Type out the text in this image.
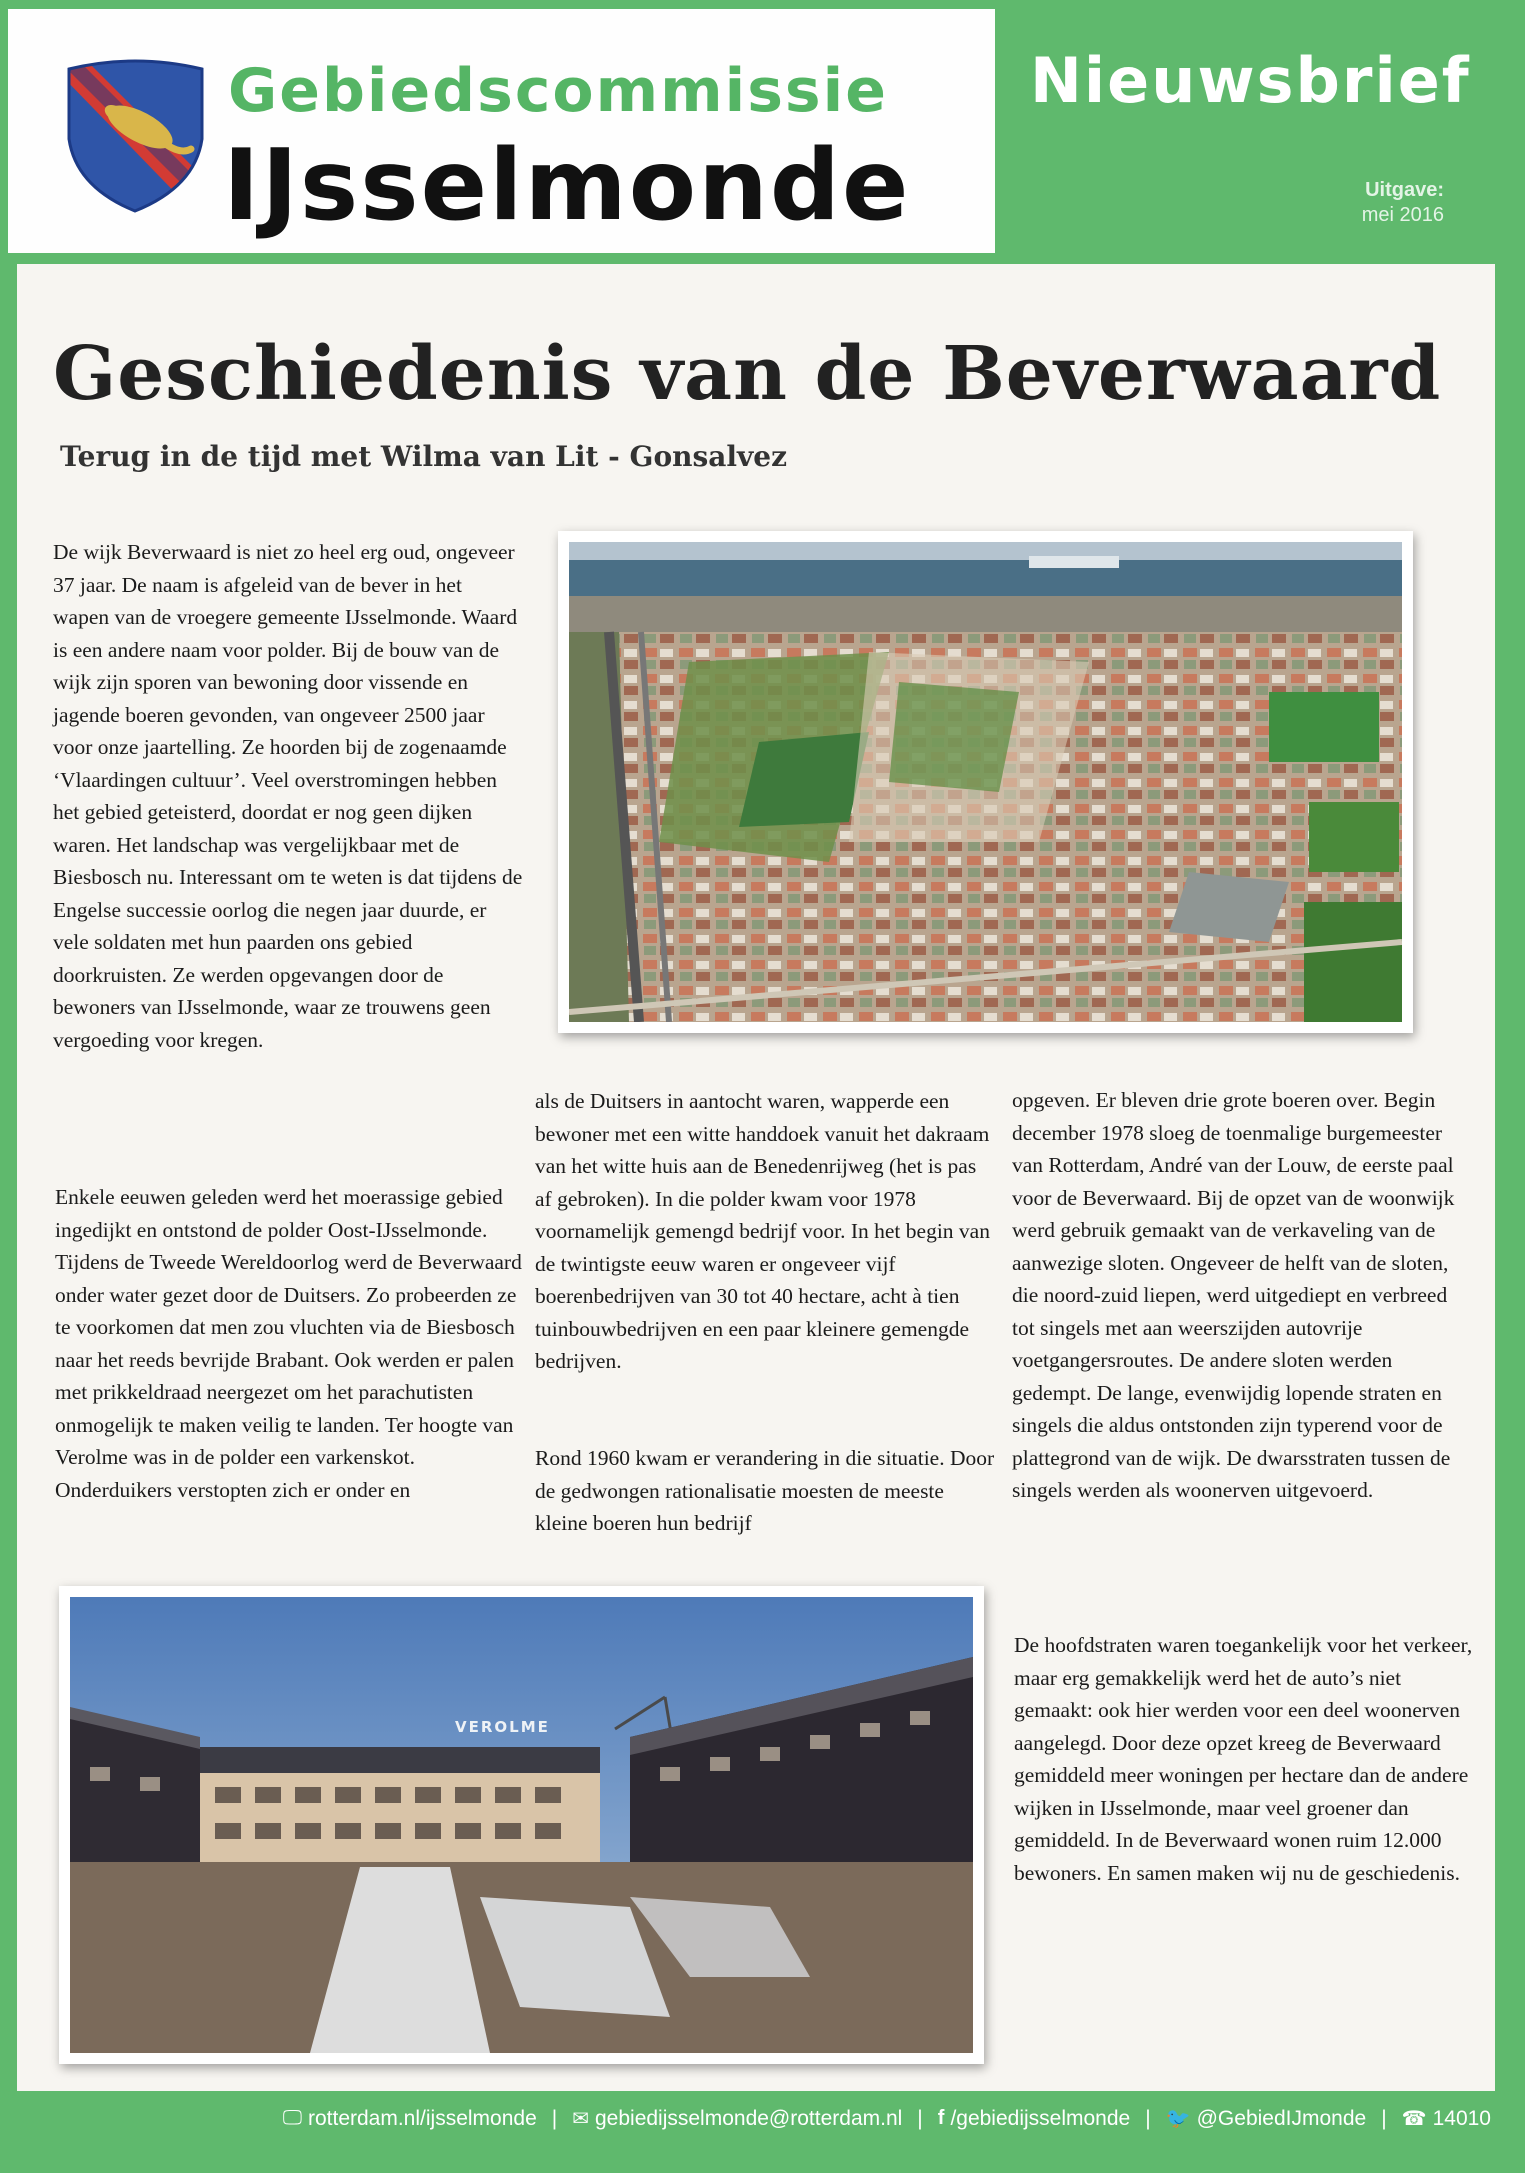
Gebiedscommissie
IJsselmonde
Nieuwsbrief
Uitgave:
mei 2016
Geschiedenis van de Beverwaard
Terug in de tijd met Wilma van Lit - Gonsalvez

De wijk Beverwaard is niet zo heel erg oud, ongeveer 37 jaar. De naam is afgeleid van de bever in het wapen van de vroegere gemeente IJsselmonde. Waard is een andere naam voor polder. Bij de bouw van de wijk zijn sporen van bewoning door vissende en jagende boeren gevonden, van ongeveer 2500 jaar voor onze jaartelling. Ze hoorden bij de zogenaamde ‘Vlaardingen cultuur’. Veel overstromingen hebben het gebied geteisterd, doordat er nog geen dijken waren. Het landschap was vergelijkbaar met de Biesbosch nu. Interessant om te weten is dat tijdens de Engelse successie oorlog die negen jaar duurde, er vele soldaten met hun paarden ons gebied doorkruisten. Ze werden opgevangen door de bewoners van IJsselmonde, waar ze trouwens geen vergoeding voor kregen.

Enkele eeuwen geleden werd het moerassige gebied ingedijkt en ontstond de polder Oost-IJsselmonde. Tijdens de Tweede Wereldoorlog werd de Beverwaard onder water gezet door de Duitsers. Zo probeerden ze te voorkomen dat men zou vluchten via de Biesbosch naar het reeds bevrijde Brabant. Ook werden er palen met prikkeldraad neergezet om het parachutisten onmogelijk te maken veilig te landen. Ter hoogte van Verolme was in de polder een varkenskot. Onderduikers verstopten zich er onder en

als de Duitsers in aantocht waren, wapperde een bewoner met een witte handdoek vanuit het dakraam van het witte huis aan de Benedenrijweg (het is pas af gebroken). In die polder kwam voor 1978 voornamelijk gemengd bedrijf voor. In het begin van de twintigste eeuw waren er ongeveer vijf boerenbedrijven van 30 tot 40 hectare, acht à tien tuinbouwbedrijven en een paar kleinere gemengde bedrijven.

Rond 1960 kwam er verandering in die situatie. Door de gedwongen rationalisatie moesten de meeste kleine boeren hun bedrijf

opgeven. Er bleven drie grote boeren over. Begin december 1978 sloeg de toenmalige burgemeester van Rotterdam, André van der Louw, de eerste paal voor de Beverwaard. Bij de opzet van de woonwijk werd gebruik gemaakt van de verkaveling van de aanwezige sloten. Ongeveer de helft van de sloten, die noord-zuid liepen, werd uitgediept en verbreed tot singels met aan weerszijden autovrije voetgangersroutes. De andere sloten werden gedempt. De lange, evenwijdig lopende straten en singels die aldus ontstonden zijn typerend voor de plattegrond van de wijk. De dwarsstraten tussen de singels werden als woonerven uitgevoerd.

De hoofdstraten waren toegankelijk voor het verkeer, maar erg gemakkelijk werd het de auto’s niet gemaakt: ook hier werden voor een deel woonerven aangelegd. Door deze opzet kreeg de Beverwaard gemiddeld meer woningen per hectare dan de andere wijken in IJsselmonde, maar veel groener dan gemiddeld. In de Beverwaard wonen ruim 12.000 bewoners. En samen maken wij nu de geschiedenis.

VEROLME
🖵 rotterdam.nl/ijsselmonde | ✉ gebiedijsselmonde@rotterdam.nl | f /gebiedijsselmonde | 🐦 @GebiedIJmonde | ☎ 14010
